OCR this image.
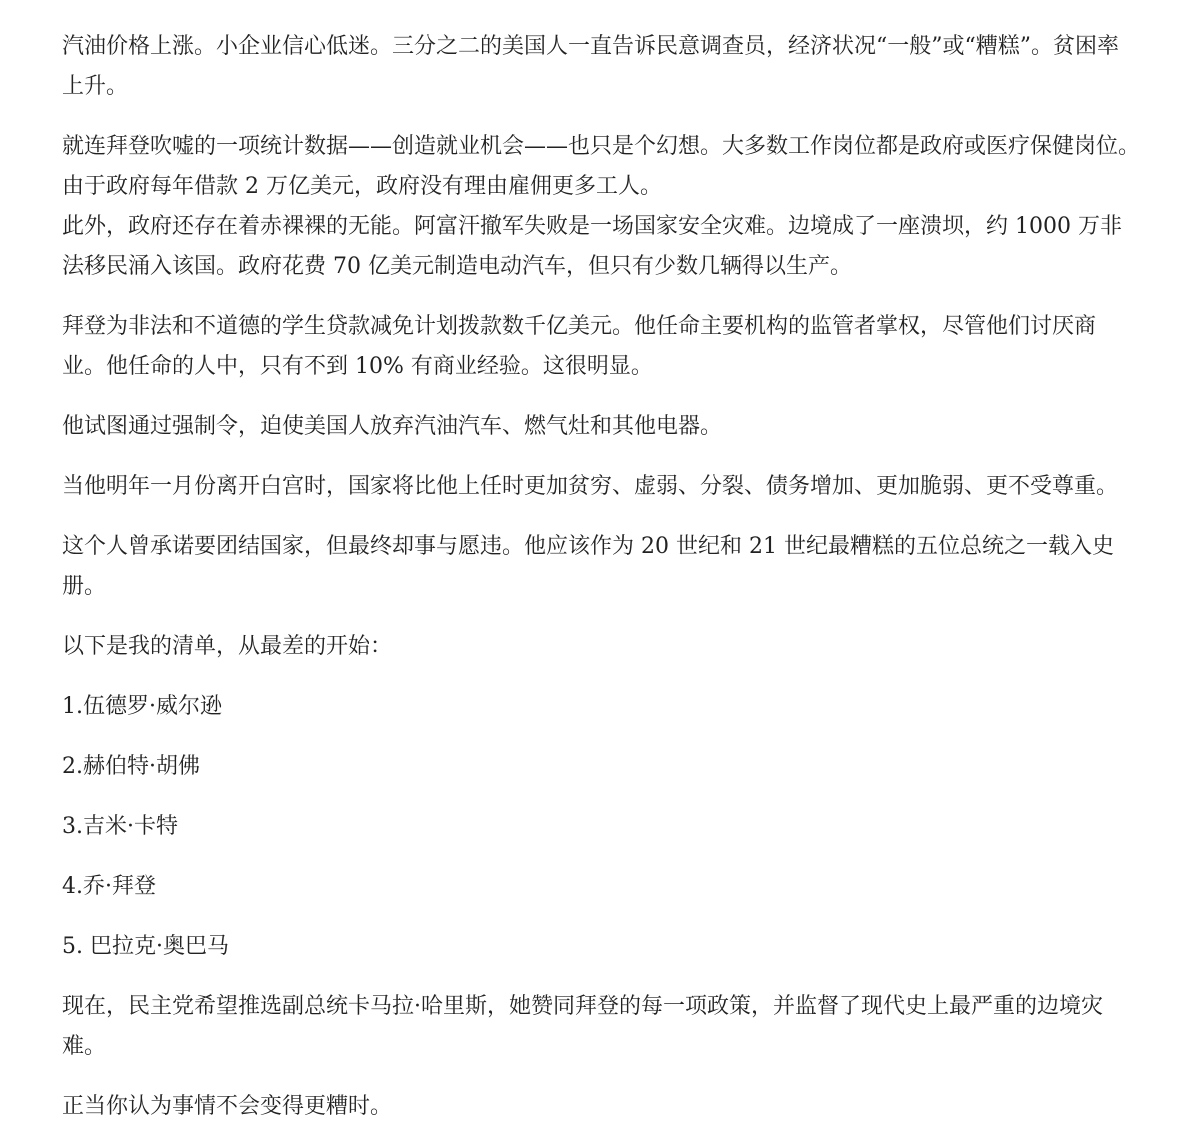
汽油价格上涨。小企业信心低迷。三分之二的美国人一直告诉民意调查员，经济状况“一般”或“糟糕”。贫困率
上升。
就连拜登吹嘘的一项统计数据——创造就业机会——也只是个幻想。大多数工作岗位都是政府或医疗保健岗位。
由于政府每年借款 2 万亿美元，政府没有理由雇佣更多工人。
此外，政府还存在着赤裸裸的无能。阿富汗撤军失败是一场国家安全灾难。边境成了一座溃坝，约 1000 万非
法移民涌入该国。政府花费 70 亿美元制造电动汽车，但只有少数几辆得以生产。
拜登为非法和不道德的学生贷款减免计划拨款数千亿美元。他任命主要机构的监管者掌权，尽管他们讨厌商
业。他任命的人中，只有不到 10% 有商业经验。这很明显。
他试图通过强制令，迫使美国人放弃汽油汽车、燃气灶和其他电器。
当他明年一月份离开白宫时，国家将比他上任时更加贫穷、虚弱、分裂、债务增加、更加脆弱、更不受尊重。
这个人曾承诺要团结国家，但最终却事与愿违。他应该作为 20 世纪和 21 世纪最糟糕的五位总统之一载入史
册。
以下是我的清单，从最差的开始：
1.伍德罗·威尔逊
2.赫伯特·胡佛
3.吉米·卡特
4.乔·拜登
5. 巴拉克·奥巴马
现在，民主党希望推选副总统卡马拉·哈里斯，她赞同拜登的每一项政策，并监督了现代史上最严重的边境灾
难。
正当你认为事情不会变得更糟时。
